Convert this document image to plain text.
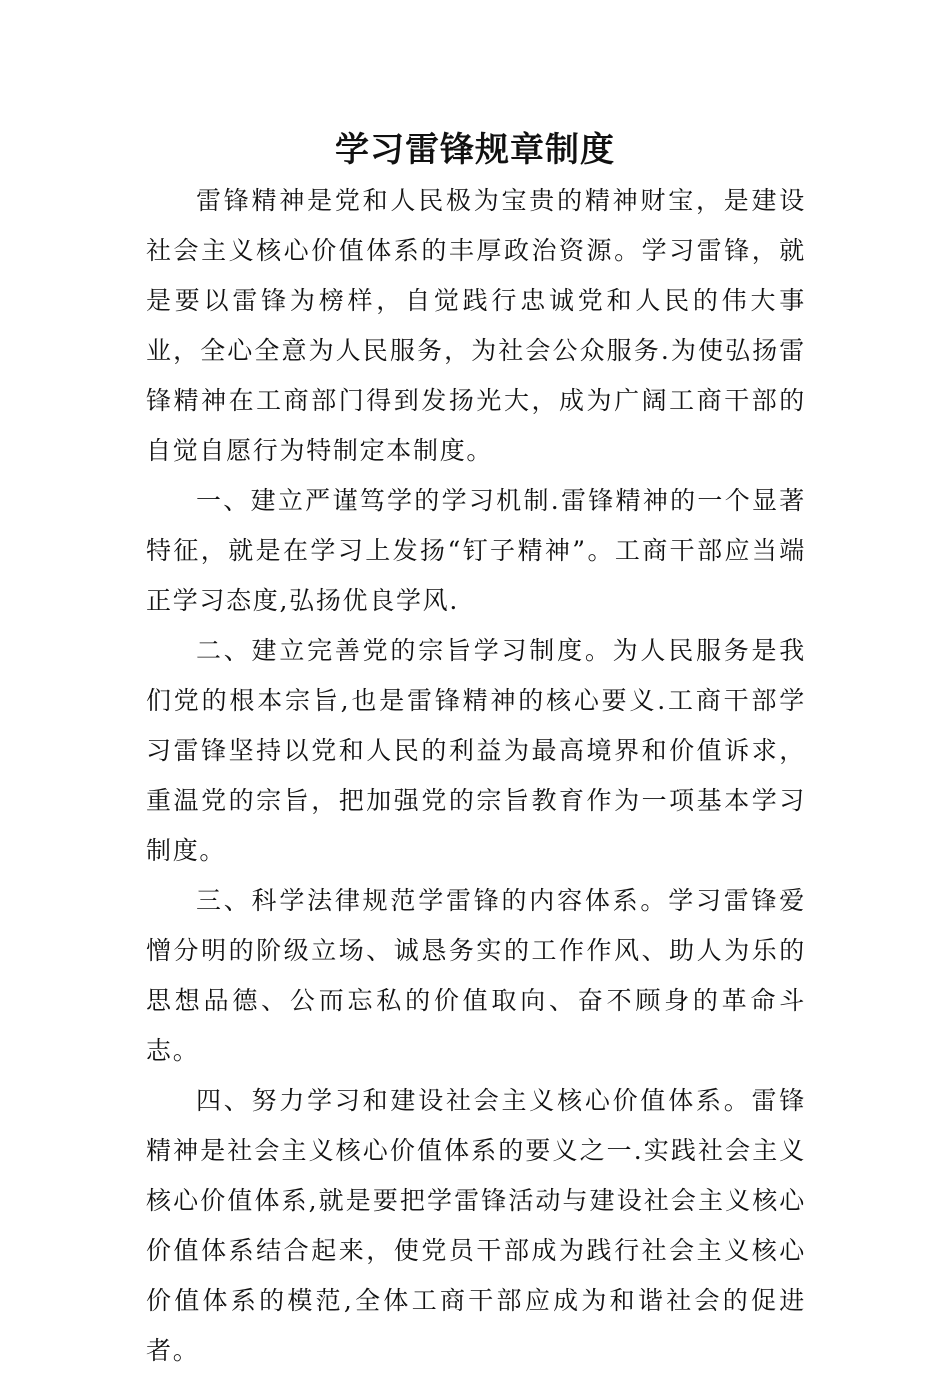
学习雷锋规章制度

雷锋精神是党和人民极为宝贵的精神财宝，是建设社会主义核心价值体系的丰厚政治资源。学习雷锋，就是要以雷锋为榜样，自觉践行忠诚党和人民的伟大事业，全心全意为人民服务，为社会公众服务.为使弘扬雷锋精神在工商部门得到发扬光大，成为广阔工商干部的自觉自愿行为特制定本制度。

一、建立严谨笃学的学习机制.雷锋精神的一个显著特征，就是在学习上发扬“钉子精神”。工商干部应当端正学习态度,弘扬优良学风.

二、建立完善党的宗旨学习制度。为人民服务是我们党的根本宗旨,也是雷锋精神的核心要义.工商干部学习雷锋坚持以党和人民的利益为最高境界和价值诉求，重温党的宗旨，把加强党的宗旨教育作为一项基本学习制度。

三、科学法律规范学雷锋的内容体系。学习雷锋爱憎分明的阶级立场、诚恳务实的工作作风、助人为乐的思想品德、公而忘私的价值取向、奋不顾身的革命斗志。

四、努力学习和建设社会主义核心价值体系。雷锋精神是社会主义核心价值体系的要义之一.实践社会主义核心价值体系,就是要把学雷锋活动与建设社会主义核心价值体系结合起来，使党员干部成为践行社会主义核心价值体系的模范,全体工商干部应成为和谐社会的促进者。
